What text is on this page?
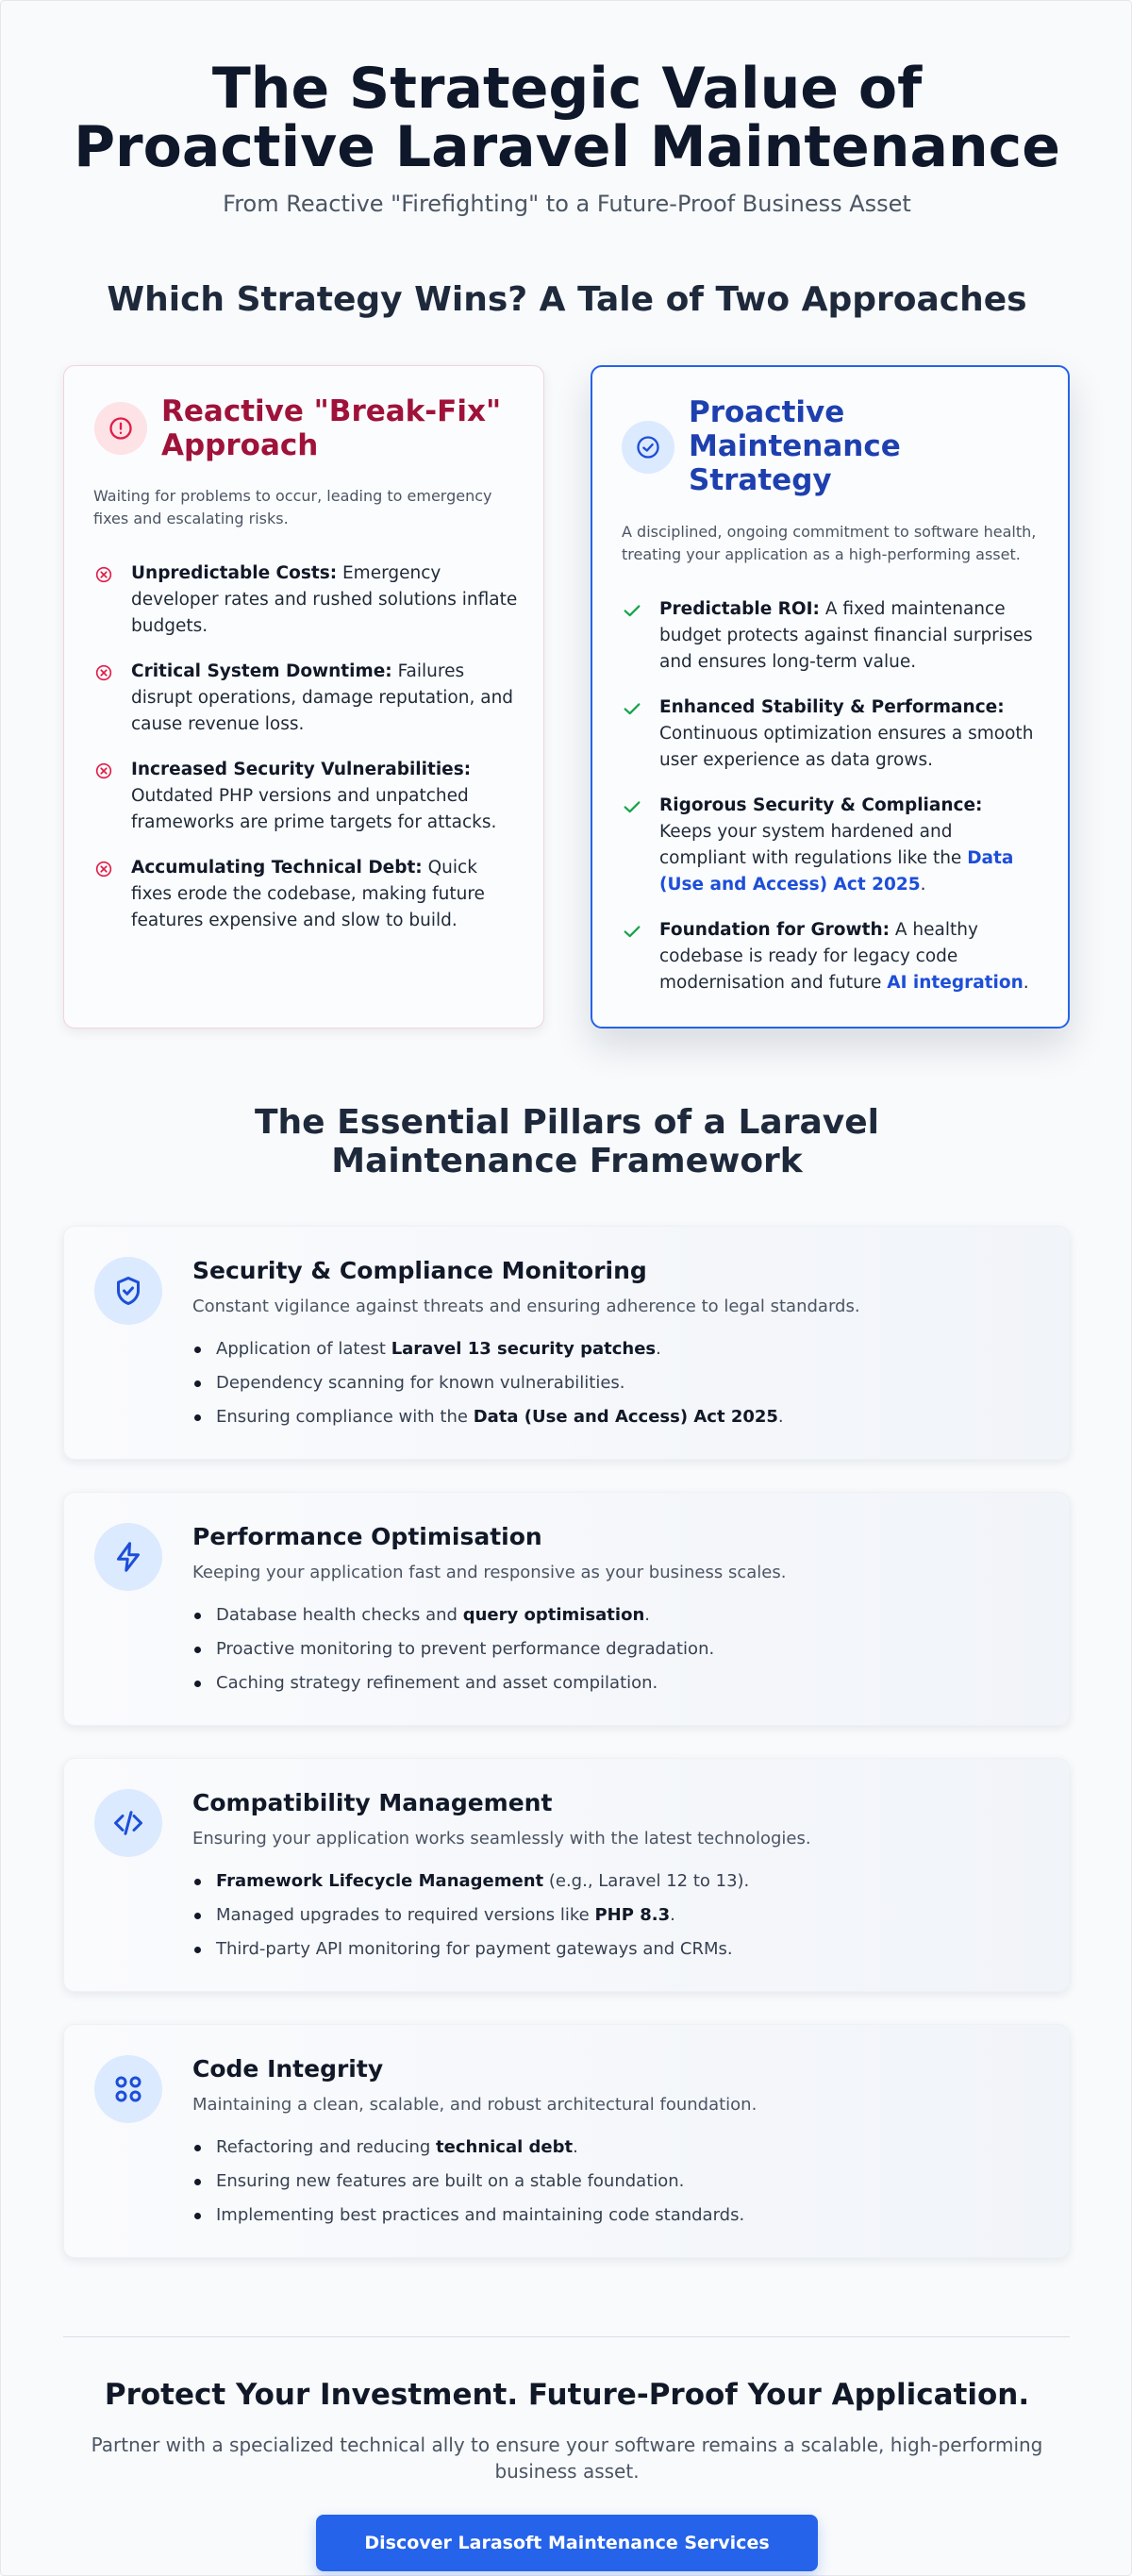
The Strategic Value of Proactive Laravel Maintenance

From Reactive "Firefighting" to a Future-Proof Business Asset

Which Strategy Wins? A Tale of Two Approaches
Reactive "Break-Fix" Approach

Waiting for problems to occur, leading to emergency fixes and escalating risks.

Unpredictable Costs: Emergency developer rates and rushed solutions inflate budgets.
Critical System Downtime: Failures disrupt operations, damage reputation, and cause revenue loss.
Increased Security Vulnerabilities: Outdated PHP versions and unpatched frameworks are prime targets for attacks.
Accumulating Technical Debt: Quick fixes erode the codebase, making future features expensive and slow to build.
Proactive Maintenance Strategy

A disciplined, ongoing commitment to software health, treating your application as a high-performing asset.

Predictable ROI: A fixed maintenance budget protects against financial surprises and ensures long-term value.
Enhanced Stability & Performance: Continuous optimization ensures a smooth user experience as data grows.
Rigorous Security & Compliance: Keeps your system hardened and compliant with regulations like the Data (Use and Access) Act 2025.
Foundation for Growth: A healthy codebase is ready for legacy code modernisation and future AI integration.
The Essential Pillars of a Laravel Maintenance Framework
Security & Compliance Monitoring
Constant vigilance against threats and ensuring adherence to legal standards.
Application of latest Laravel 13 security patches.
Dependency scanning for known vulnerabilities.
Ensuring compliance with the Data (Use and Access) Act 2025.
Performance Optimisation
Keeping your application fast and responsive as your business scales.
Database health checks and query optimisation.
Proactive monitoring to prevent performance degradation.
Caching strategy refinement and asset compilation.
Compatibility Management
Ensuring your application works seamlessly with the latest technologies.
Framework Lifecycle Management (e.g., Laravel 12 to 13).
Managed upgrades to required versions like PHP 8.3.
Third-party API monitoring for payment gateways and CRMs.
Code Integrity
Maintaining a clean, scalable, and robust architectural foundation.
Refactoring and reducing technical debt.
Ensuring new features are built on a stable foundation.
Implementing best practices and maintaining code standards.
Protect Your Investment. Future-Proof Your Application.

Partner with a specialized technical ally to ensure your software remains a scalable, high-performing business asset.

Discover Larasoft Maintenance Services
